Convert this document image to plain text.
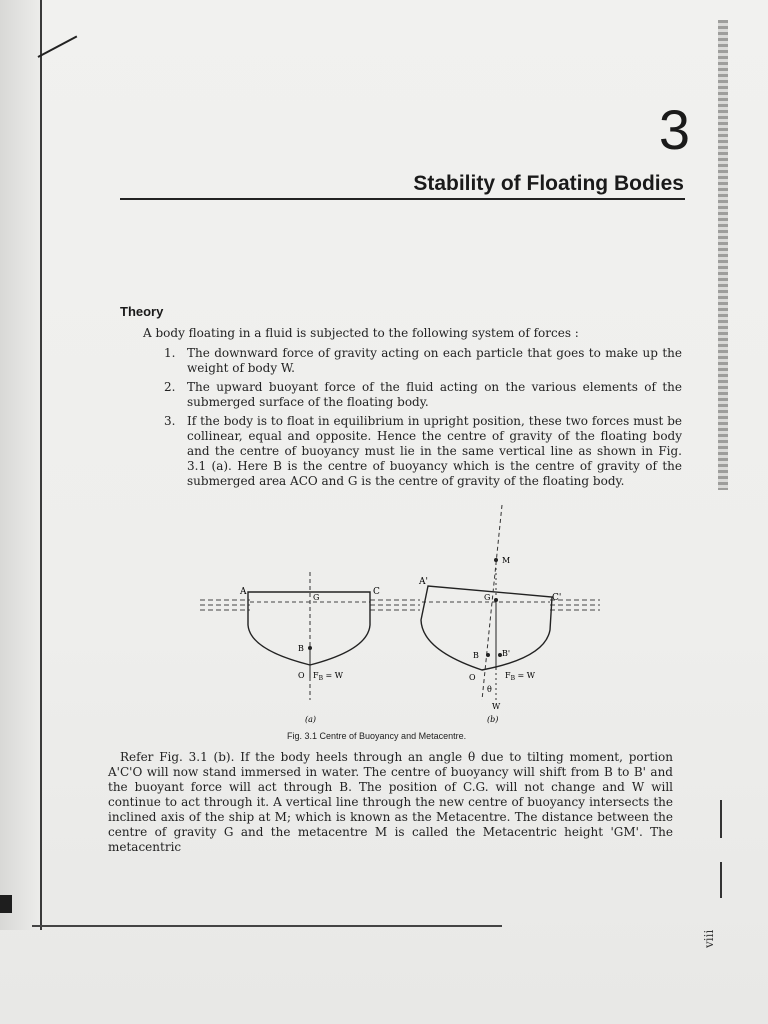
3
Stability of Floating Bodies
Theory
A body floating in a fluid is subjected to the following system of forces :
1. The downward force of gravity acting on each particle that goes to make up the weight of body W.
2. The upward buoyant force of the fluid acting on the various elements of the submerged surface of the floating body.
3. If the body is to float in equilibrium in upright position, these two forces must be collinear, equal and opposite. Hence the centre of gravity of the floating body and the centre of buoyancy must lie in the same vertical line as shown in Fig. 3.1 (a). Here B is the centre of buoyancy which is the centre of gravity of the submerged area ACO and G is the centre of gravity of the floating body.
A	C
G
B
O $F_B = W$
(a)
A'
C'
M
G
B	B'
O
θ
$F_B = W$
W
(b)
Fig. 3.1 Centre of Buoyancy and Metacentre.
Refer Fig. 3.1 (b). If the body heels through an angle θ due to tilting moment, portion A'C'O will now stand immersed in water. The centre of buoyancy will shift from B to B' and the buoyant force will act through B. The position of C.G. will not change and W will continue to act through it. A vertical line through the new centre of buoyancy intersects the inclined axis of the ship at M; which is known as the Metacentre. The distance between the centre of gravity G and the metacentre M is called the Metacentric height 'GM'. The metacentric
viii
